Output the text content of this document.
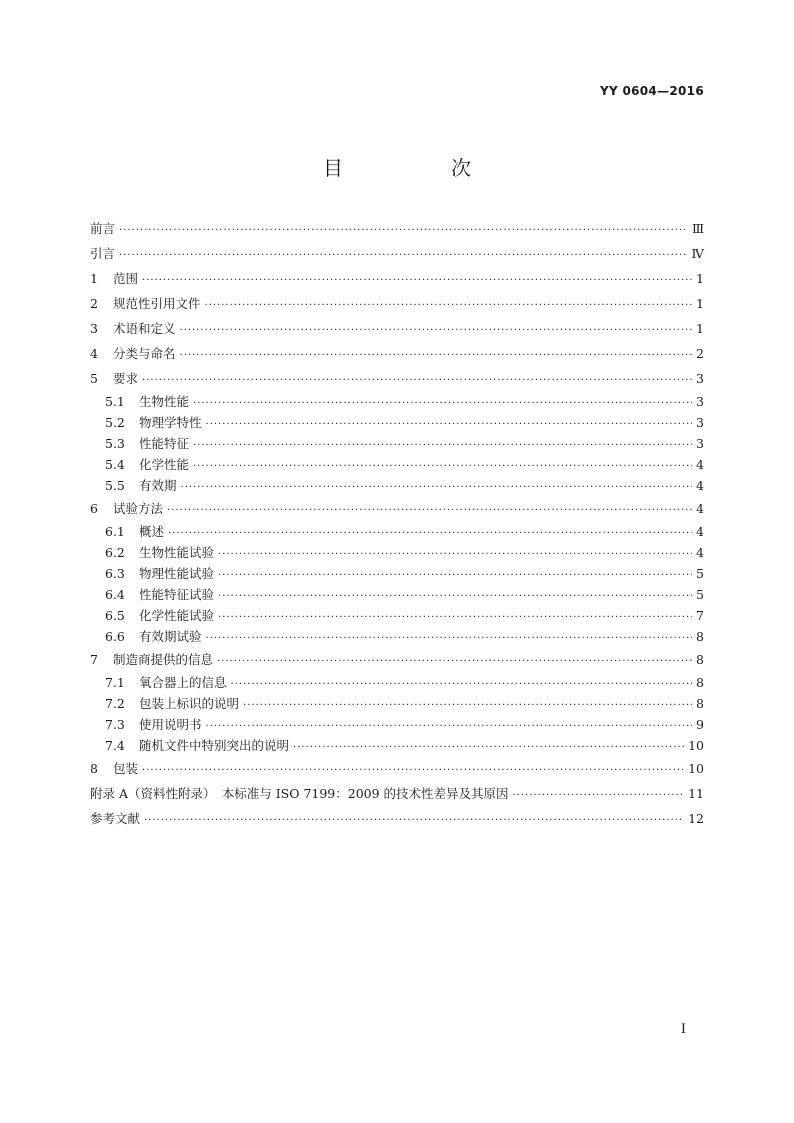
YY 0604—2016
目　次
前言 ·····	Ⅲ
引言 ·····	Ⅳ
1	范围 ·····	1
2	规范性引用文件 ·····	1
3	术语和定义 ·····	1
4	分类与命名 ·····	2
5	要求 ·····	3
5.1	生物性能 ·····	3
5.2	物理学特性 ·····	3
5.3	性能特征 ·····	3
5.4	化学性能 ·····	4
5.5	有效期 ·····	4
6	试验方法 ·····	4
6.1	概述 ·····	4
6.2	生物性能试验 ·····	4
6.3	物理性能试验 ·····	5
6.4	性能特征试验 ·····	5
6.5	化学性能试验 ·····	7
6.6	有效期试验 ·····	8
7	制造商提供的信息 ·····	8
7.1	氧合器上的信息 ·····	8
7.2	包装上标识的说明 ·····	8
7.3	使用说明书 ·····	9
7.4	随机文件中特别突出的说明 ·····	10
8	包装 ·····	10
附录 A（资料性附录）　本标准与 ISO 7199：2009 的技术性差异及其原因 ·····	11
参考文献 ·····	12
I
